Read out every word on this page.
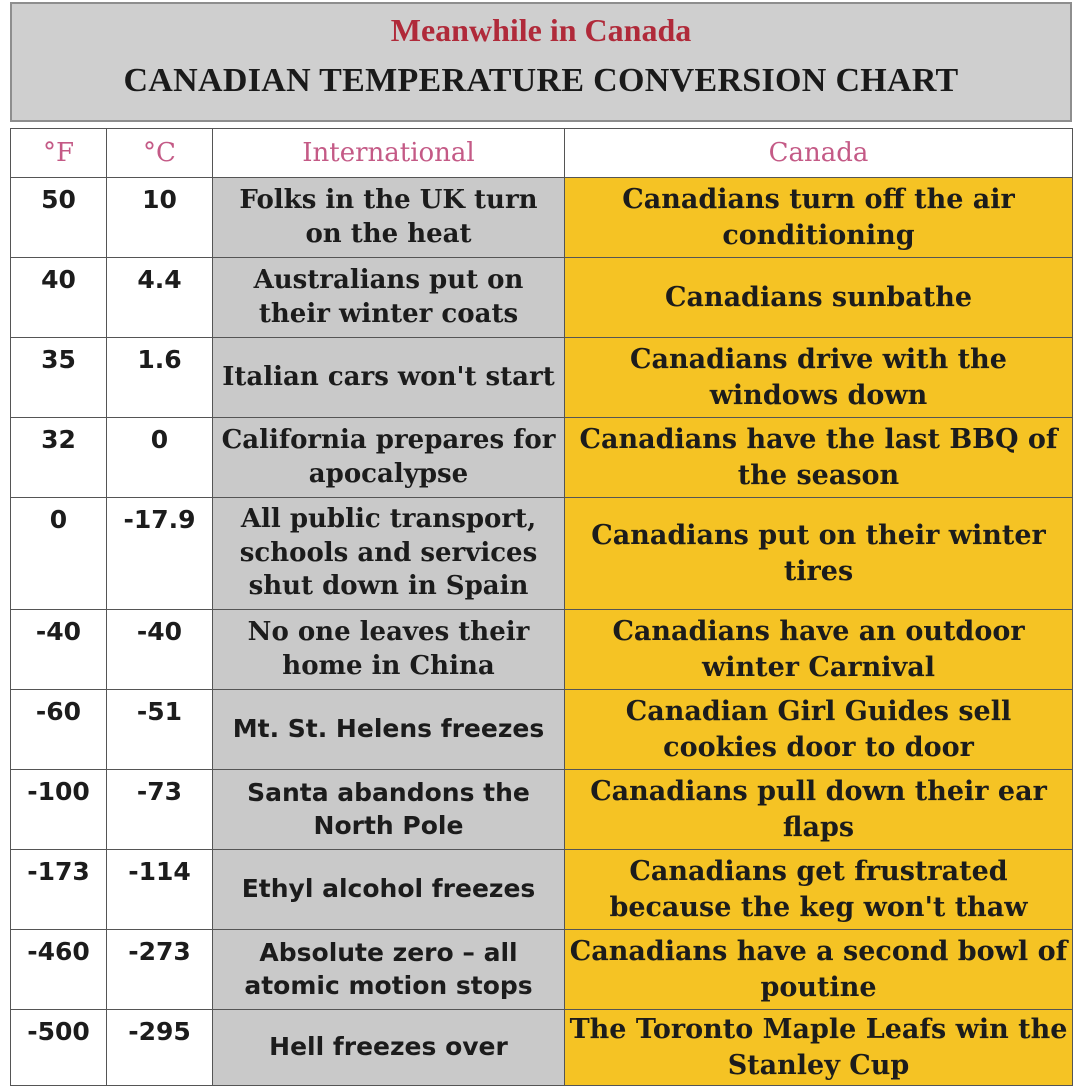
Meanwhile in Canada
CANADIAN TEMPERATURE CONVERSION CHART
°F	°C	International	Canada
50	10	Folks in the UK turn on the heat	Canadians turn off the air conditioning
40	4.4	Australians put on their winter coats	Canadians sunbathe
35	1.6	Italian cars won't start	Canadians drive with the windows down
32	0	California prepares for apocalypse	Canadians have the last BBQ of the season
0	-17.9	All public transport, schools and services shut down in Spain	Canadians put on their winter tires
-40	-40	No one leaves their home in China	Canadians have an outdoor winter Carnival
-60	-51	Mt. St. Helens freezes	Canadian Girl Guides sell cookies door to door
-100	-73	Santa abandons the North Pole	Canadians pull down their ear flaps
-173	-114	Ethyl alcohol freezes	Canadians get frustrated because the keg won't thaw
-460	-273	Absolute zero – all atomic motion stops	Canadians have a second bowl of poutine
-500	-295	Hell freezes over	The Toronto Maple Leafs win the Stanley Cup
